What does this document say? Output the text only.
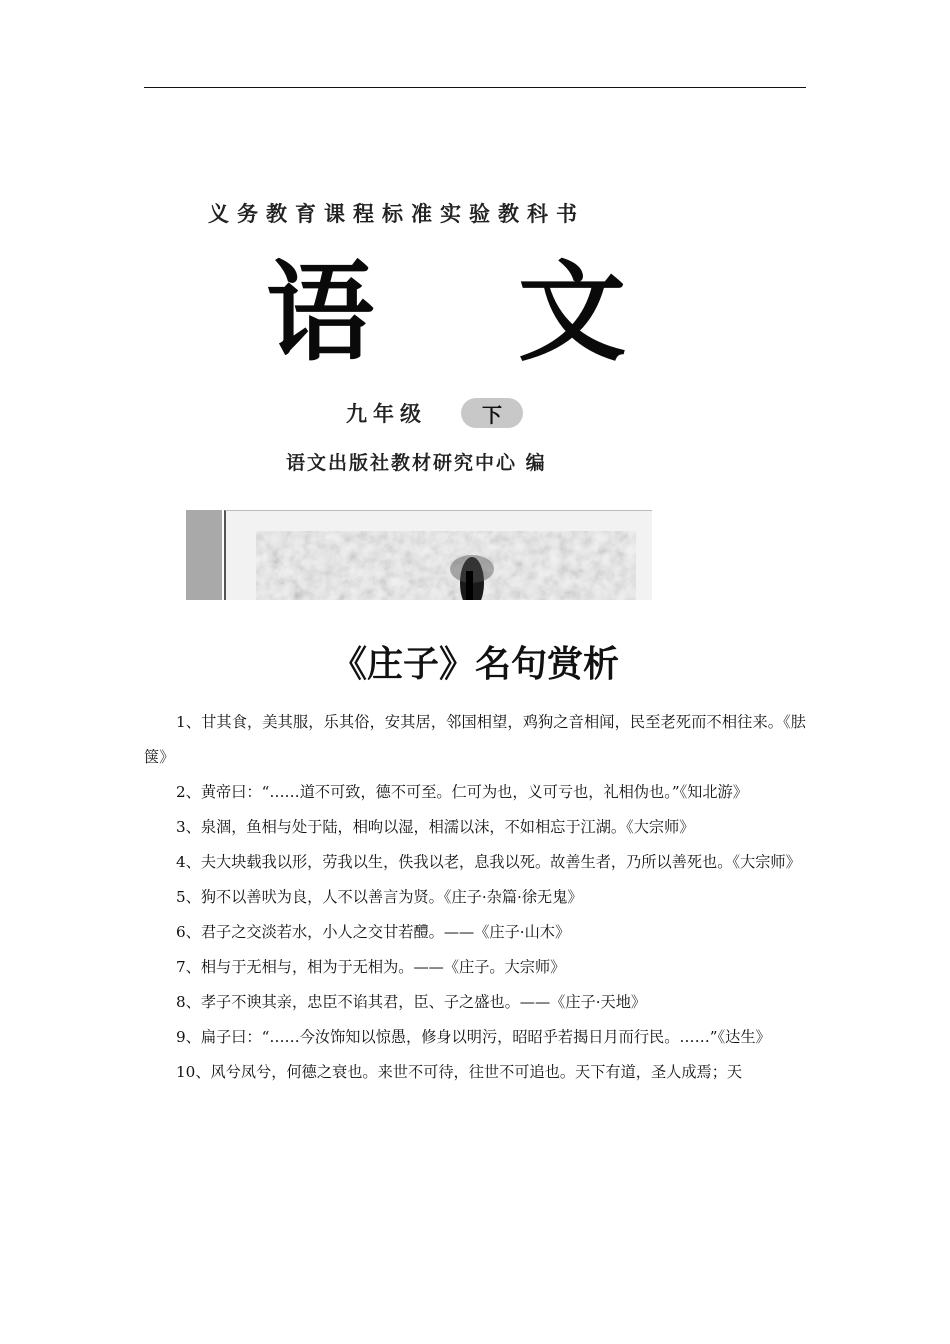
义务教育课程标准实验教科书
语 文
九年级	下
语文出版社教材研究中心 编
《庄子》名句赏析

1、甘其食，美其服，乐其俗，安其居，邻国相望，鸡狗之音相闻，民至老死而不相往来。《胠箧》

2、黄帝曰：“……道不可致，德不可至。仁可为也，义可亏也，礼相伪也。”《知北游》

3、泉涸，鱼相与处于陆，相呴以湿，相濡以沫，不如相忘于江湖。《大宗师》

4、夫大块载我以形，劳我以生，佚我以老，息我以死。故善生者，乃所以善死也。《大宗师》

5、狗不以善吠为良，人不以善言为贤。《庄子·杂篇·徐无鬼》

6、君子之交淡若水，小人之交甘若醴。——《庄子·山木》

7、相与于无相与，相为于无相为。——《庄子。大宗师》

8、孝子不谀其亲，忠臣不谄其君，臣、子之盛也。——《庄子·天地》

9、扁子曰：“……今汝饰知以惊愚，修身以明污，昭昭乎若揭日月而行民。……”《达生》

10、风兮凤兮，何德之衰也。来世不可待，往世不可追也。天下有道，圣人成焉；天
